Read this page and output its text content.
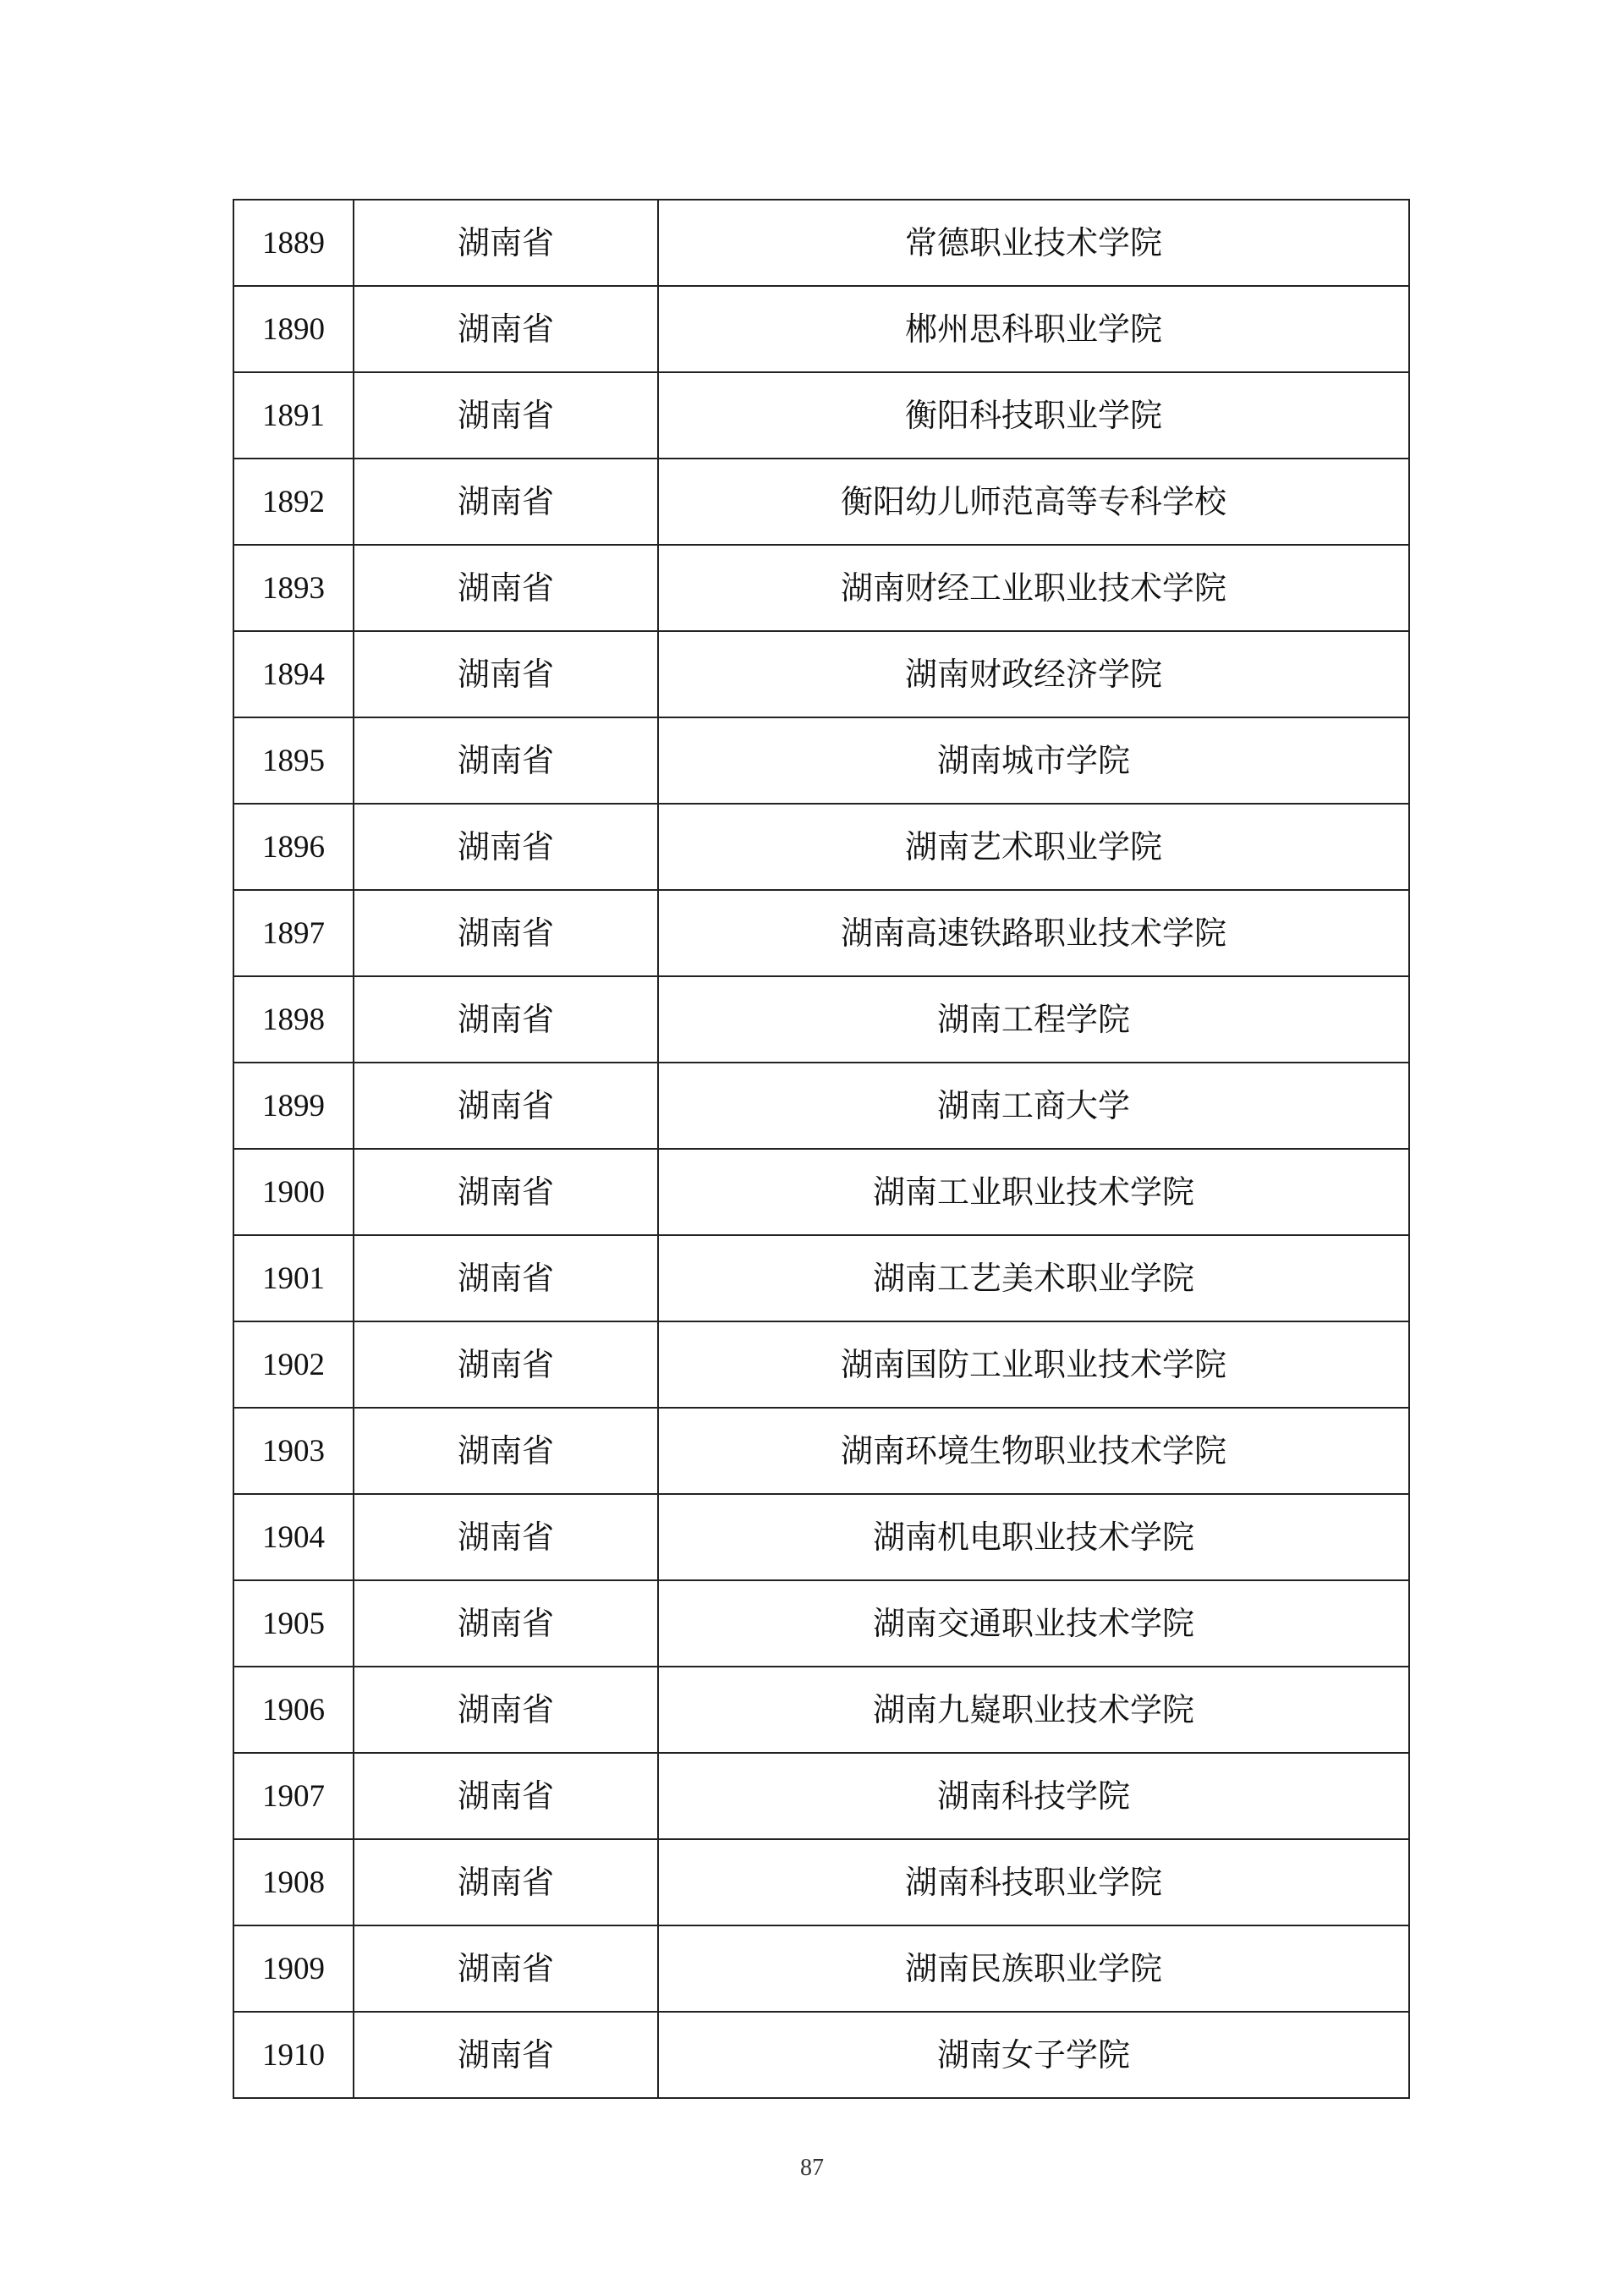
1889	湖南省	常德职业技术学院
1890	湖南省	郴州思科职业学院
1891	湖南省	衡阳科技职业学院
1892	湖南省	衡阳幼儿师范高等专科学校
1893	湖南省	湖南财经工业职业技术学院
1894	湖南省	湖南财政经济学院
1895	湖南省	湖南城市学院
1896	湖南省	湖南艺术职业学院
1897	湖南省	湖南高速铁路职业技术学院
1898	湖南省	湖南工程学院
1899	湖南省	湖南工商大学
1900	湖南省	湖南工业职业技术学院
1901	湖南省	湖南工艺美术职业学院
1902	湖南省	湖南国防工业职业技术学院
1903	湖南省	湖南环境生物职业技术学院
1904	湖南省	湖南机电职业技术学院
1905	湖南省	湖南交通职业技术学院
1906	湖南省	湖南九嶷职业技术学院
1907	湖南省	湖南科技学院
1908	湖南省	湖南科技职业学院
1909	湖南省	湖南民族职业学院
1910	湖南省	湖南女子学院
87
